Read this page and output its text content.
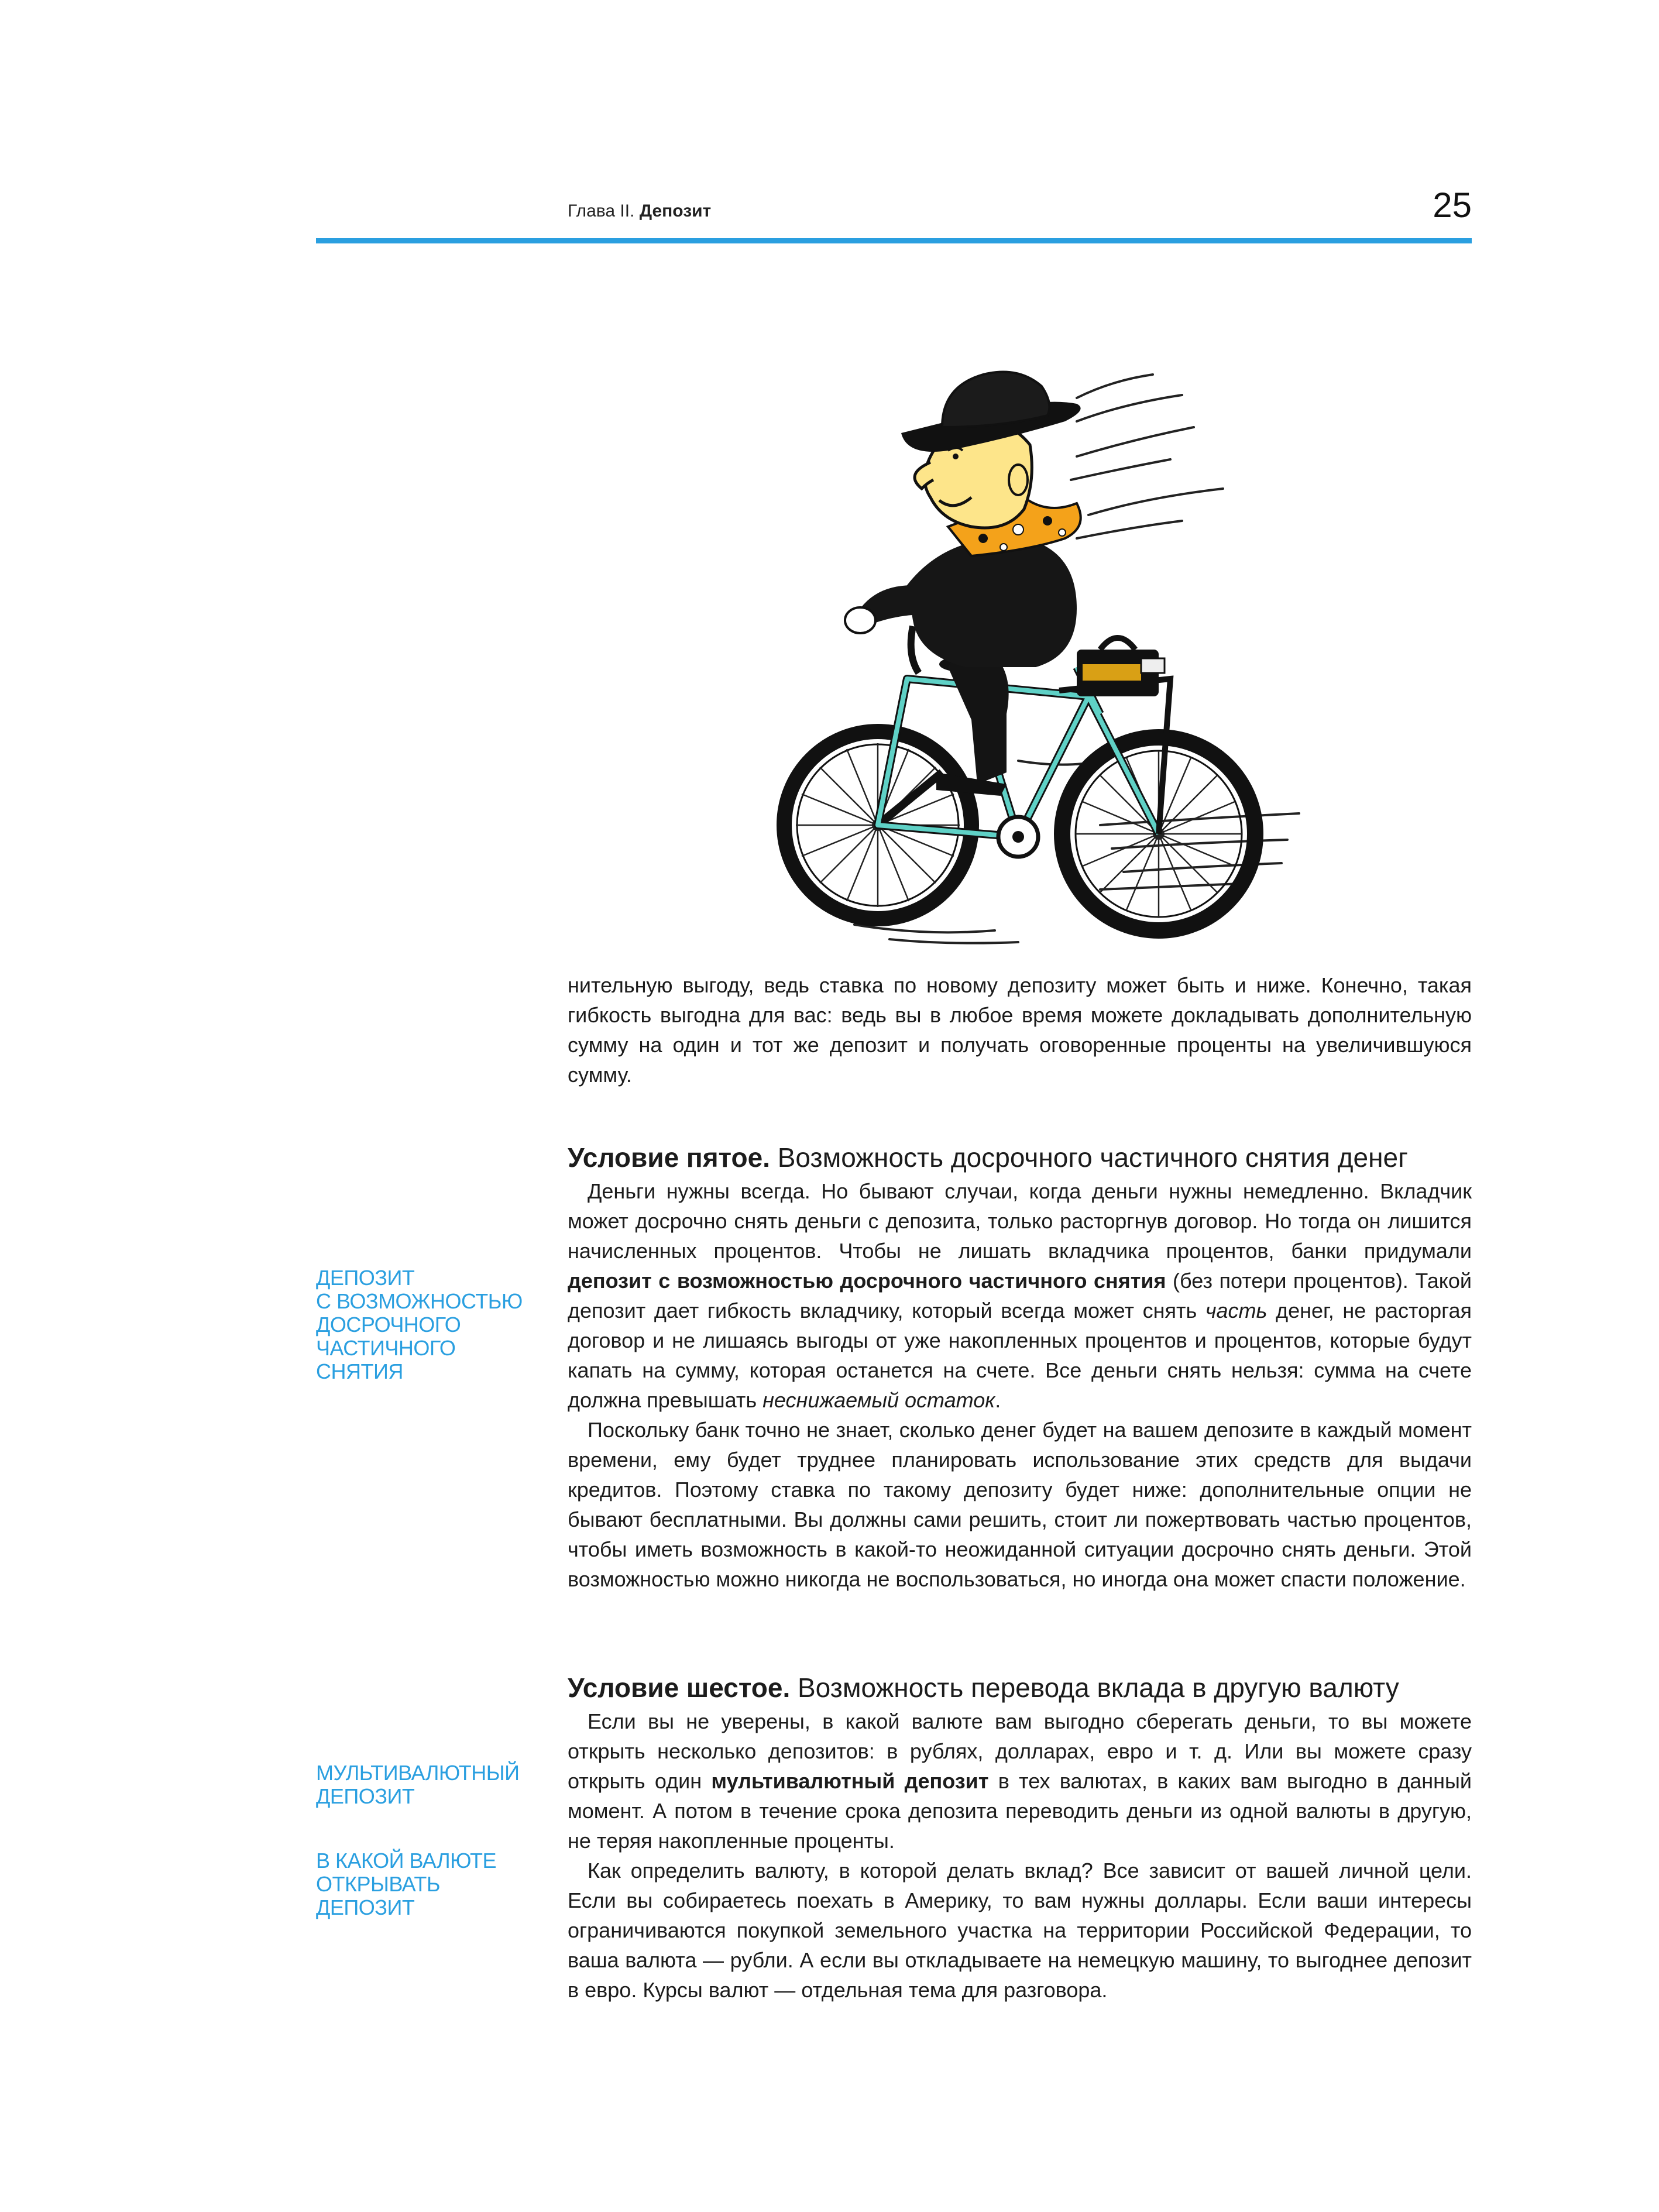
Глава II. Депозит	25

нительную выгоду, ведь ставка по новому депозиту может быть и ниже. Конечно, такая гибкость выгодна для вас: ведь вы в любое время можете докладывать дополнительную сумму на один и тот же депозит и получать оговоренные проценты на увеличившуюся сумму.

Условие пятое. Возможность досрочного частичного снятия денег

Деньги нужны всегда. Но бывают случаи, когда деньги нужны немедленно. Вкладчик может досрочно снять деньги с депозита, только расторгнув договор. Но тогда он лишится начисленных процентов. Чтобы не лишать вкладчика процентов, банки придумали депозит с возможностью досрочного частичного снятия (без потери процентов). Такой депозит дает гибкость вкладчику, который всегда может снять часть денег, не расторгая договор и не лишаясь выгоды от уже накопленных процентов и процентов, которые будут капать на сумму, которая останется на счете. Все деньги снять нельзя: сумма на счете должна превышать неснижаемый остаток.

Поскольку банк точно не знает, сколько денег будет на вашем депозите в каждый момент времени, ему будет труднее планировать использование этих средств для выдачи кредитов. Поэтому ставка по такому депозиту будет ниже: дополнительные опции не бывают бесплатными. Вы должны сами решить, стоит ли пожертвовать частью процентов, чтобы иметь возможность в какой-то неожиданной ситуации досрочно снять деньги. Этой возможностью можно никогда не воспользоваться, но иногда она может спасти положение.

Условие шестое. Возможность перевода вклада в другую валюту

Если вы не уверены, в какой валюте вам выгодно сберегать деньги, то вы можете открыть несколько депозитов: в рублях, долларах, евро и т. д. Или вы можете сразу открыть один мультивалютный депозит в тех валютах, в каких вам выгодно в данный момент. А потом в течение срока депозита переводить деньги из одной валюты в другую, не теряя накопленные проценты.

Как определить валюту, в которой делать вклад? Все зависит от вашей личной цели. Если вы собираетесь поехать в Америку, то вам нужны доллары. Если ваши интересы ограничиваются покупкой земельного участка на территории Российской Федерации, то ваша валюта — рубли. А если вы откладываете на немецкую машину, то выгоднее депозит в евро. Курсы валют — отдельная тема для разговора.

ДЕПОЗИТ
С ВОЗМОЖНОСТЬЮ
ДОСРОЧНОГО
ЧАСТИЧНОГО
СНЯТИЯ
МУЛЬТИВАЛЮТНЫЙ
ДЕПОЗИТ
В КАКОЙ ВАЛЮТЕ
ОТКРЫВАТЬ
ДЕПОЗИТ
